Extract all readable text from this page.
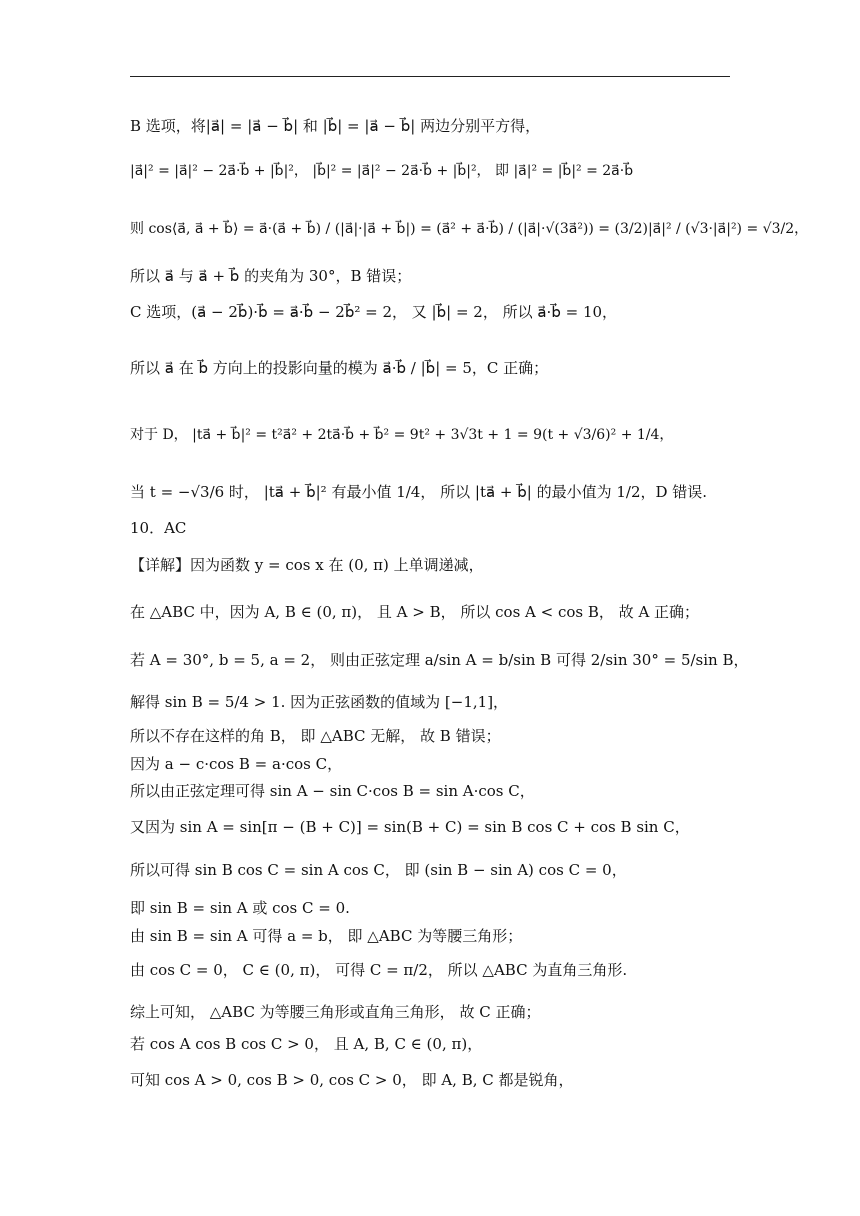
B 选项，将|a⃗| = |a⃗ − b⃗| 和 |b⃗| = |a⃗ − b⃗| 两边分别平方得，
|a⃗|² = |a⃗|² − 2a⃗·b⃗ + |b⃗|²， |b⃗|² = |a⃗|² − 2a⃗·b⃗ + |b⃗|²， 即 |a⃗|² = |b⃗|² = 2a⃗·b⃗
则 cos⟨a⃗, a⃗ + b⃗⟩ = a⃗·(a⃗ + b⃗) / (|a⃗|·|a⃗ + b⃗|) = (a⃗² + a⃗·b⃗) / (|a⃗|·√(3a⃗²)) = (3/2)|a⃗|² / (√3·|a⃗|²) = √3/2，
所以 a⃗ 与 a⃗ + b⃗ 的夹角为 30°，B 错误；
C 选项，(a⃗ − 2b⃗)·b⃗ = a⃗·b⃗ − 2b⃗² = 2， 又 |b⃗| = 2， 所以 a⃗·b⃗ = 10，
所以 a⃗ 在 b⃗ 方向上的投影向量的模为 a⃗·b⃗ / |b⃗| = 5，C 正确；
对于 D， |ta⃗ + b⃗|² = t²a⃗² + 2ta⃗·b⃗ + b⃗² = 9t² + 3√3t + 1 = 9(t + √3/6)² + 1/4，
当 t = −√3/6 时， |ta⃗ + b⃗|² 有最小值 1/4， 所以 |ta⃗ + b⃗| 的最小值为 1/2，D 错误.
10．AC
【详解】因为函数 y = cos x 在 (0, π) 上单调递减，
在 △ABC 中，因为 A, B ∈ (0, π)， 且 A > B， 所以 cos A < cos B， 故 A 正确；
若 A = 30°, b = 5, a = 2， 则由正弦定理 a/sin A = b/sin B 可得 2/sin 30° = 5/sin B，
解得 sin B = 5/4 > 1. 因为正弦函数的值域为 [−1,1]，
所以不存在这样的角 B， 即 △ABC 无解， 故 B 错误；
因为 a − c·cos B = a·cos C，
所以由正弦定理可得 sin A − sin C·cos B = sin A·cos C，
又因为 sin A = sin[π − (B + C)] = sin(B + C) = sin B cos C + cos B sin C，
所以可得 sin B cos C = sin A cos C， 即 (sin B − sin A) cos C = 0，
即 sin B = sin A 或 cos C = 0.
由 sin B = sin A 可得 a = b， 即 △ABC 为等腰三角形；
由 cos C = 0， C ∈ (0, π)， 可得 C = π/2， 所以 △ABC 为直角三角形.
综上可知， △ABC 为等腰三角形或直角三角形， 故 C 正确；
若 cos A cos B cos C > 0， 且 A, B, C ∈ (0, π)，
可知 cos A > 0, cos B > 0, cos C > 0， 即 A, B, C 都是锐角，
